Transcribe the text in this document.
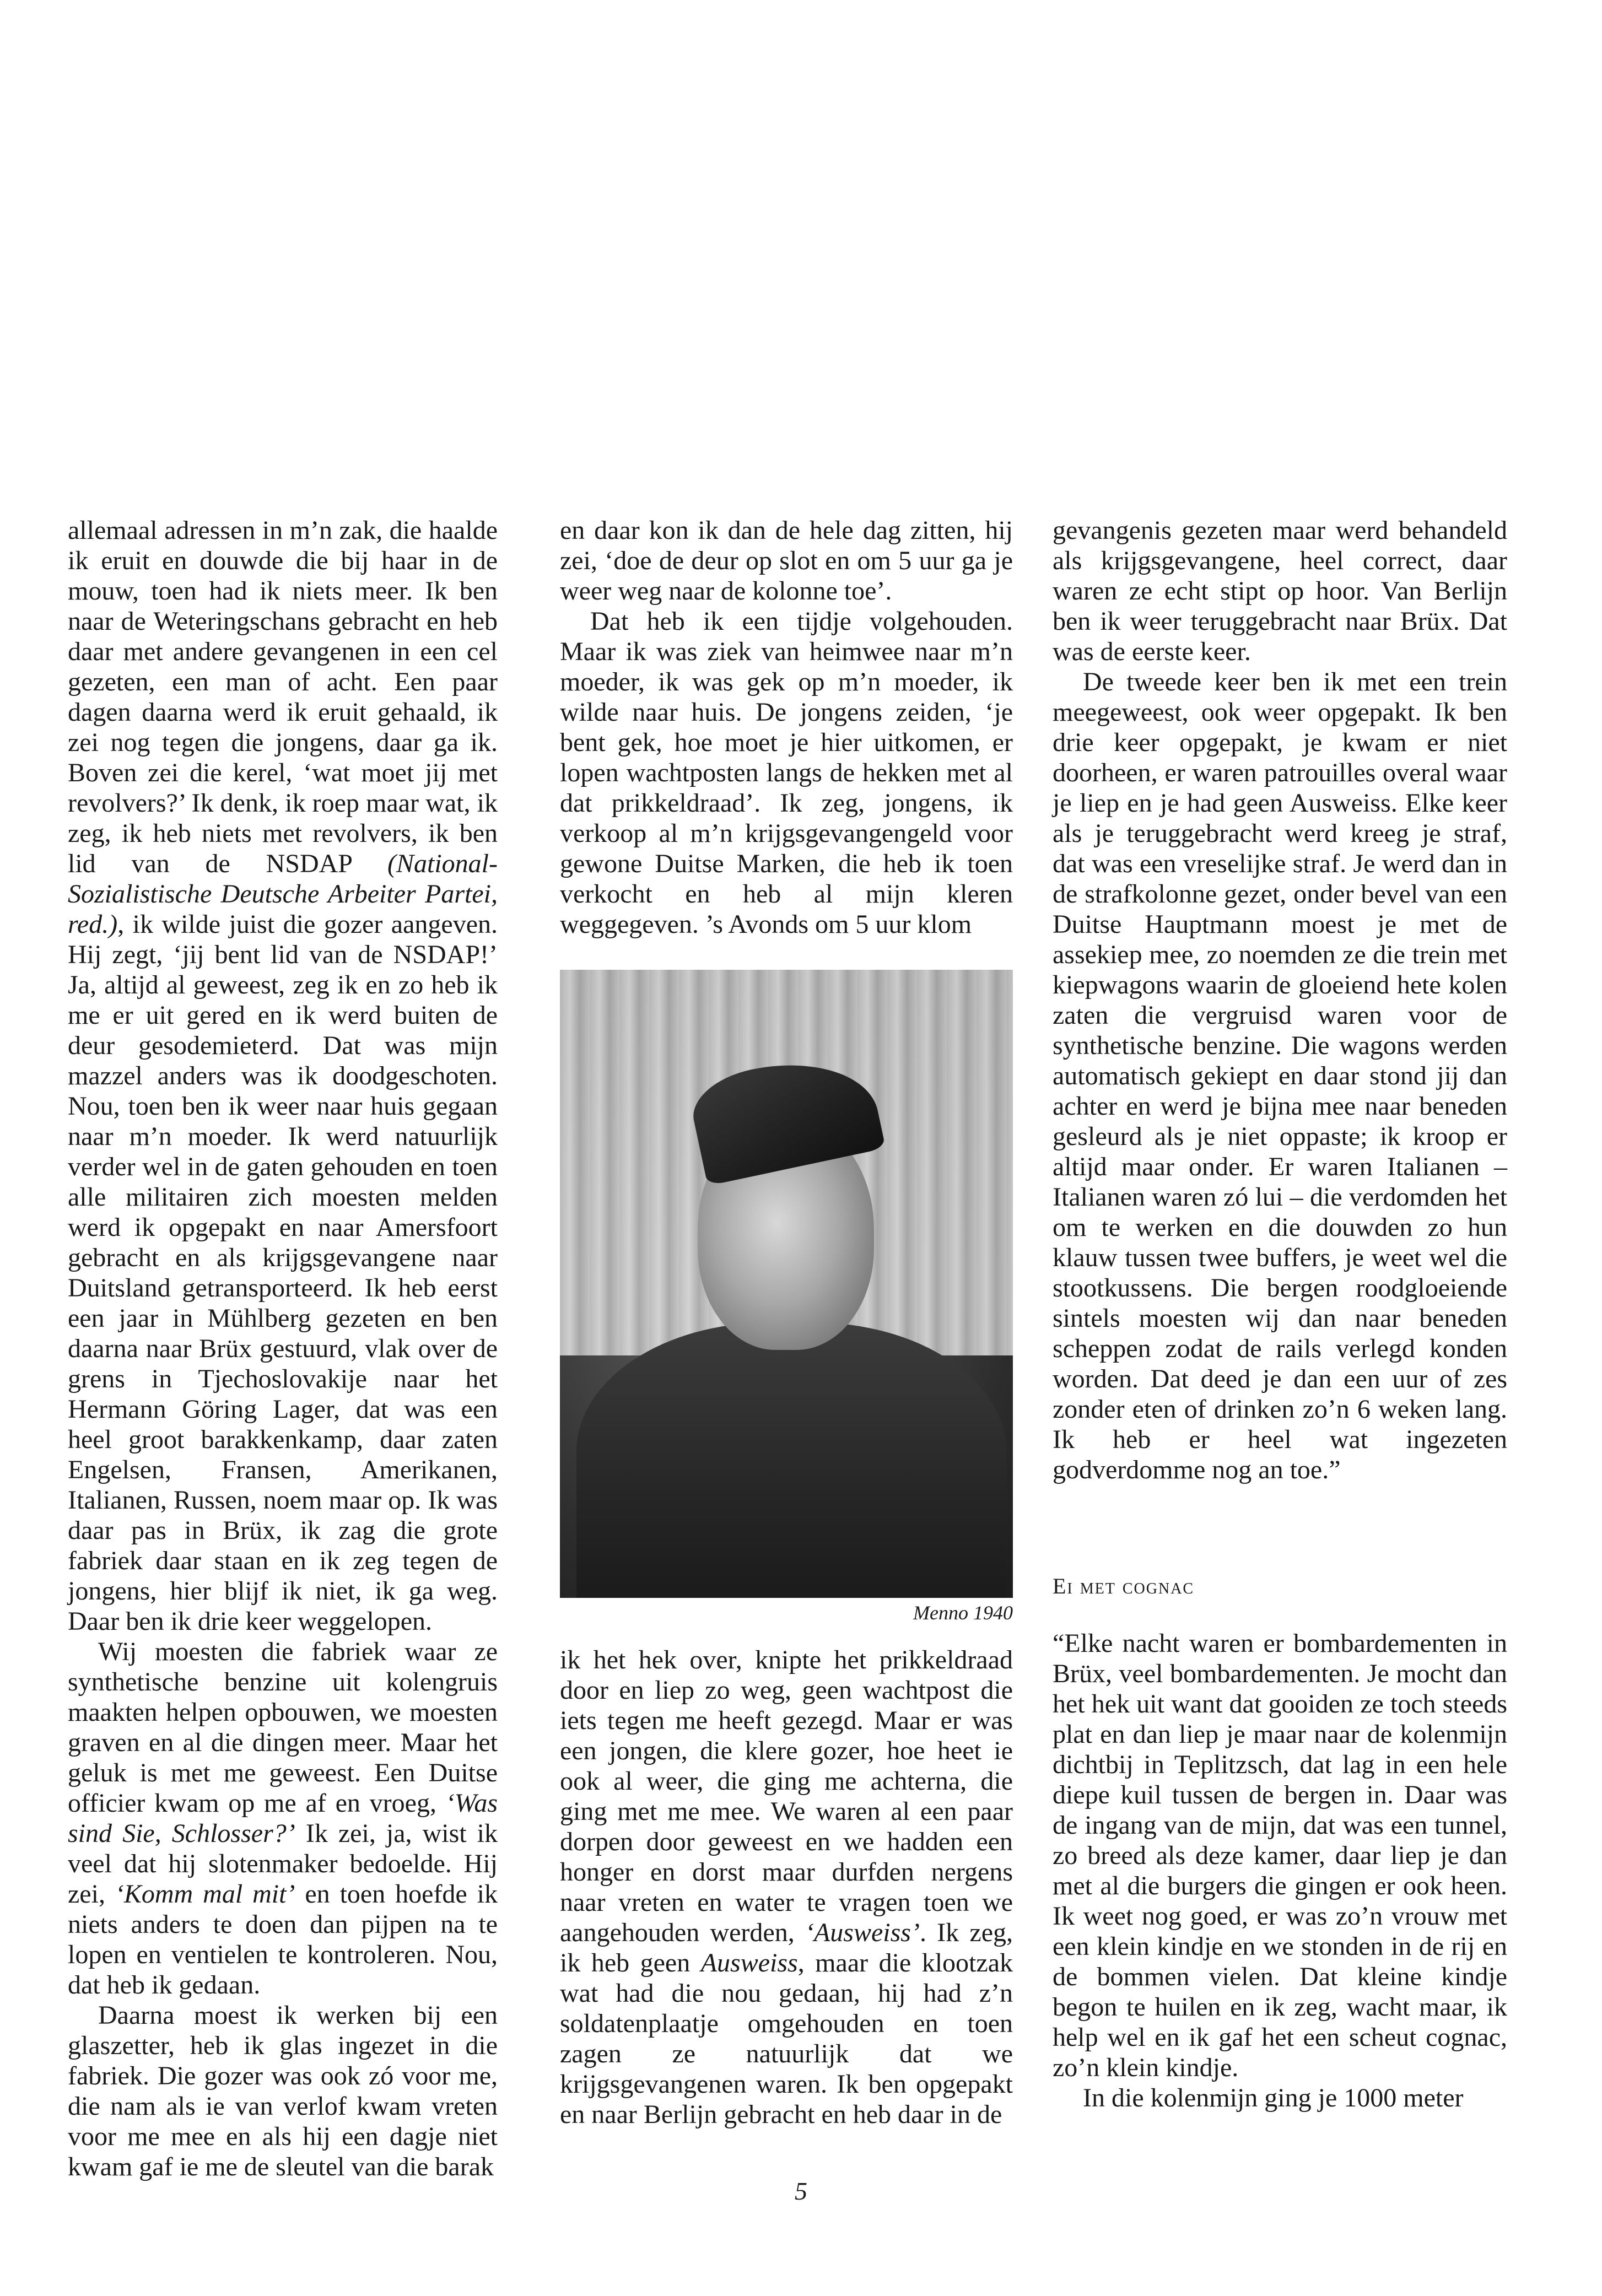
allemaal adressen in m’n zak, die haalde ik eruit en douwde die bij haar in de mouw, toen had ik niets meer. Ik ben naar de Weteringschans gebracht en heb daar met andere gevangenen in een cel gezeten, een man of acht. Een paar dagen daarna werd ik eruit gehaald, ik zei nog tegen die jongens, daar ga ik. Boven zei die kerel, ‘wat moet jij met revolvers?’ Ik denk, ik roep maar wat, ik zeg, ik heb niets met revolvers, ik ben lid van de NSDAP (National-Sozialistische Deutsche Arbeiter Partei, red.), ik wilde juist die gozer aangeven. Hij zegt, ‘jij bent lid van de NSDAP!’ Ja, altijd al geweest, zeg ik en zo heb ik me er uit gered en ik werd buiten de deur gesodemieterd. Dat was mijn mazzel anders was ik doodgeschoten. Nou, toen ben ik weer naar huis gegaan naar m’n moeder. Ik werd natuurlijk verder wel in de gaten gehouden en toen alle militairen zich moesten melden werd ik opgepakt en naar Amersfoort gebracht en als krijgsgevangene naar Duitsland getransporteerd. Ik heb eerst een jaar in Mühlberg gezeten en ben daarna naar Brüx gestuurd, vlak over de grens in Tjechoslovakije naar het Hermann Göring Lager, dat was een heel groot barakkenkamp, daar zaten Engelsen, Fransen, Amerikanen, Italianen, Russen, noem maar op. Ik was daar pas in Brüx, ik zag die grote fabriek daar staan en ik zeg tegen de jongens, hier blijf ik niet, ik ga weg. Daar ben ik drie keer weggelopen.

Wij moesten die fabriek waar ze synthetische benzine uit kolengruis maakten helpen opbouwen, we moesten graven en al die dingen meer. Maar het geluk is met me geweest. Een Duitse officier kwam op me af en vroeg, ‘Was sind Sie, Schlosser?’ Ik zei, ja, wist ik veel dat hij slotenmaker bedoelde. Hij zei, ‘Komm mal mit’ en toen hoefde ik niets anders te doen dan pijpen na te lopen en ventielen te kontroleren. Nou, dat heb ik gedaan.

Daarna moest ik werken bij een glaszetter, heb ik glas ingezet in die fabriek. Die gozer was ook zó voor me, die nam als ie van verlof kwam vreten voor me mee en als hij een dagje niet kwam gaf ie me de sleutel van die barak

en daar kon ik dan de hele dag zitten, hij zei, ‘doe de deur op slot en om 5 uur ga je weer weg naar de kolonne toe’.

Dat heb ik een tijdje volgehouden. Maar ik was ziek van heimwee naar m’n moeder, ik was gek op m’n moeder, ik wilde naar huis. De jongens zeiden, ‘je bent gek, hoe moet je hier uitkomen, er lopen wachtposten langs de hekken met al dat prikkeldraad’. Ik zeg, jongens, ik verkoop al m’n krijgsgevangengeld voor gewone Duitse Marken, die heb ik toen verkocht en heb al mijn kleren weggegeven. ’s Avonds om 5 uur klom

Menno 1940

ik het hek over, knipte het prikkeldraad door en liep zo weg, geen wachtpost die iets tegen me heeft gezegd. Maar er was een jongen, die klere gozer, hoe heet ie ook al weer, die ging me achterna, die ging met me mee. We waren al een paar dorpen door geweest en we hadden een honger en dorst maar durfden nergens naar vreten en water te vragen toen we aangehouden werden, ‘Ausweiss’. Ik zeg, ik heb geen Ausweiss, maar die klootzak wat had die nou gedaan, hij had z’n soldatenplaatje omgehouden en toen zagen ze natuurlijk dat we krijgsgevangenen waren. Ik ben opgepakt en naar Berlijn gebracht en heb daar in de

gevangenis gezeten maar werd behandeld als krijgsgevangene, heel correct, daar waren ze echt stipt op hoor. Van Berlijn ben ik weer teruggebracht naar Brüx. Dat was de eerste keer.

De tweede keer ben ik met een trein meegeweest, ook weer opgepakt. Ik ben drie keer opgepakt, je kwam er niet doorheen, er waren patrouilles overal waar je liep en je had geen Ausweiss. Elke keer als je teruggebracht werd kreeg je straf, dat was een vreselijke straf. Je werd dan in de strafkolonne gezet, onder bevel van een Duitse Hauptmann moest je met de assekiep mee, zo noemden ze die trein met kiepwagons waarin de gloeiend hete kolen zaten die vergruisd waren voor de synthetische benzine. Die wagons werden automatisch gekiept en daar stond jij dan achter en werd je bijna mee naar beneden gesleurd als je niet oppaste; ik kroop er altijd maar onder. Er waren Italianen – Italianen waren zó lui – die verdomden het om te werken en die douwden zo hun klauw tussen twee buffers, je weet wel die stootkussens. Die bergen roodgloeiende sintels moesten wij dan naar beneden scheppen zodat de rails verlegd konden worden. Dat deed je dan een uur of zes zonder eten of drinken zo’n 6 weken lang. Ik heb er heel wat ingezeten godverdomme nog an toe.”

Ei met cognac

“Elke nacht waren er bombardementen in Brüx, veel bombardementen. Je mocht dan het hek uit want dat gooiden ze toch steeds plat en dan liep je maar naar de kolenmijn dichtbij in Teplitzsch, dat lag in een hele diepe kuil tussen de bergen in. Daar was de ingang van de mijn, dat was een tunnel, zo breed als deze kamer, daar liep je dan met al die burgers die gingen er ook heen. Ik weet nog goed, er was zo’n vrouw met een klein kindje en we stonden in de rij en de bommen vielen. Dat kleine kindje begon te huilen en ik zeg, wacht maar, ik help wel en ik gaf het een scheut cognac, zo’n klein kindje.

In die kolenmijn ging je 1000 meter

5
